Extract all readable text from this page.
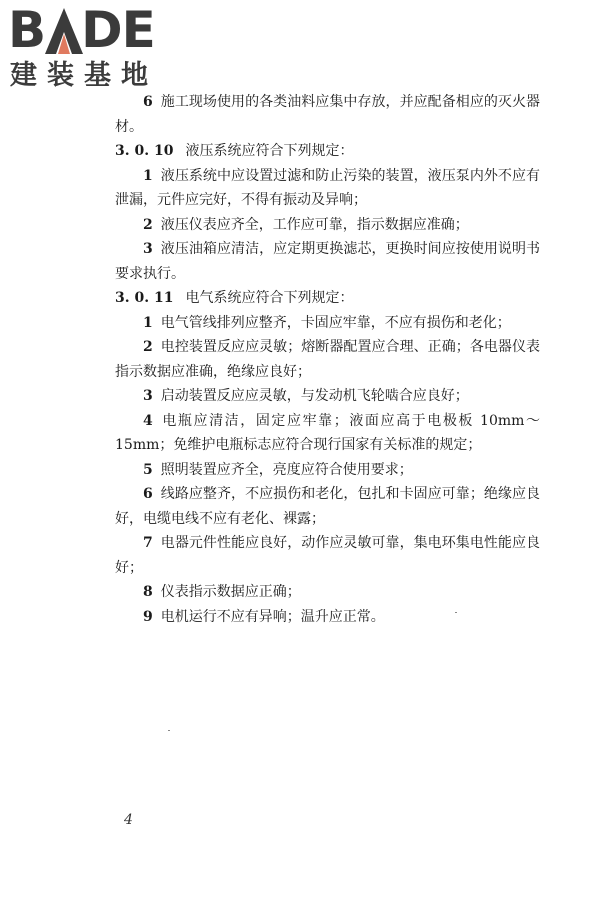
B DE
建装基地

6 施工现场使用的各类油料应集中存放，并应配备相应的灭火器材。

3. 0. 10 液压系统应符合下列规定：

1 液压系统中应设置过滤和防止污染的装置，液压泵内外不应有泄漏，元件应完好，不得有振动及异响；

2 液压仪表应齐全，工作应可靠，指示数据应准确；

3 液压油箱应清洁，应定期更换滤芯，更换时间应按使用说明书要求执行。

3. 0. 11 电气系统应符合下列规定：

1 电气管线排列应整齐，卡固应牢靠，不应有损伤和老化；

2 电控装置反应应灵敏；熔断器配置应合理、正确；各电器仪表指示数据应准确，绝缘应良好；

3 启动装置反应应灵敏，与发动机飞轮啮合应良好；

4 电瓶应清洁，固定应牢靠；液面应高于电极板 10mm～15mm；免维护电瓶标志应符合现行国家有关标准的规定；

5 照明装置应齐全，亮度应符合使用要求；

6 线路应整齐，不应损伤和老化，包扎和卡固应可靠；绝缘应良好，电缆电线不应有老化、裸露；

7 电器元件性能应良好，动作应灵敏可靠，集电环集电性能应良好；

8 仪表指示数据应正确；

9 电机运行不应有异响；温升应正常。

4
